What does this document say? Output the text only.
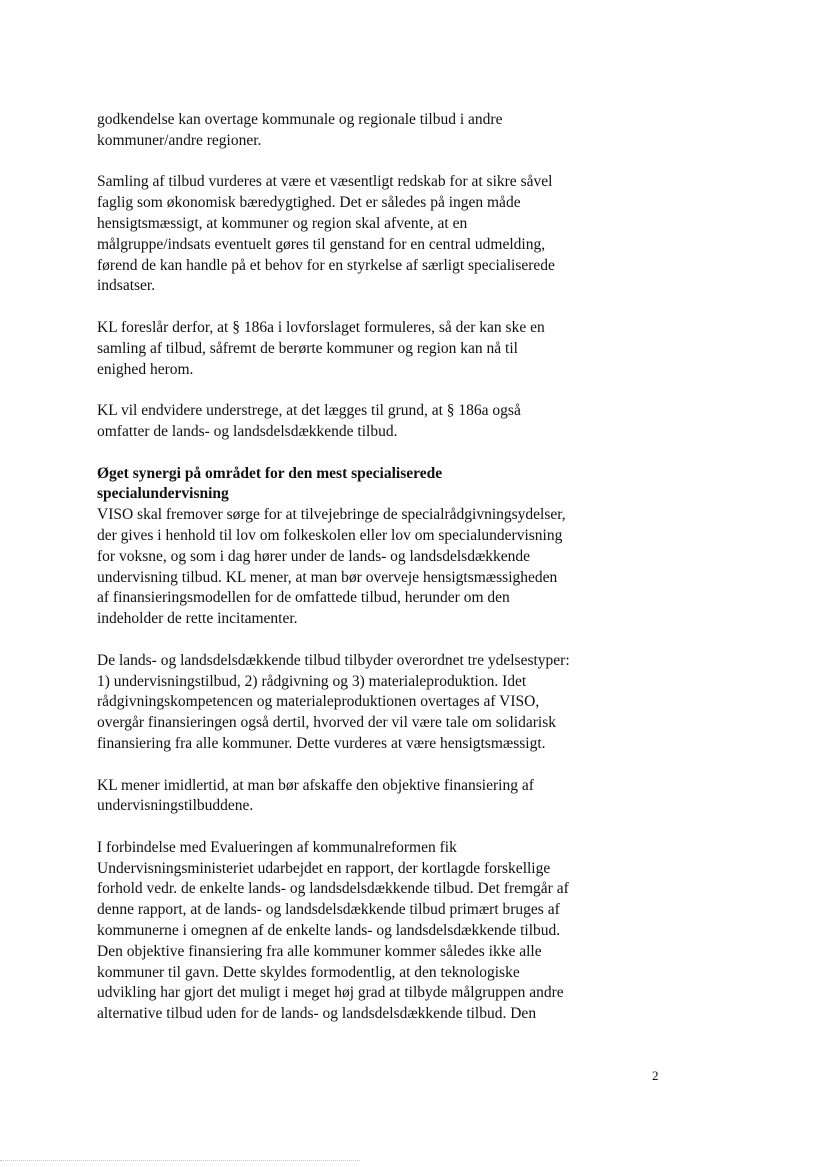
godkendelse kan overtage kommunale og regionale tilbud i andre
kommuner/andre regioner.
Samling af tilbud vurderes at være et væsentligt redskab for at sikre såvel
faglig som økonomisk bæredygtighed. Det er således på ingen måde
hensigtsmæssigt, at kommuner og region skal afvente, at en
målgruppe/indsats eventuelt gøres til genstand for en central udmelding,
førend de kan handle på et behov for en styrkelse af særligt specialiserede
indsatser.
KL foreslår derfor, at § 186a i lovforslaget formuleres, så der kan ske en
samling af tilbud, såfremt de berørte kommuner og region kan nå til
enighed herom.
KL vil endvidere understrege, at det lægges til grund, at § 186a også
omfatter de lands- og landsdelsdækkende tilbud.
Øget synergi på området for den mest specialiserede
specialundervisning
VISO skal fremover sørge for at tilvejebringe de specialrådgivningsydelser,
der gives i henhold til lov om folkeskolen eller lov om specialundervisning
for voksne, og som i dag hører under de lands- og landsdelsdækkende
undervisning tilbud. KL mener, at man bør overveje hensigtsmæssigheden
af finansieringsmodellen for de omfattede tilbud, herunder om den
indeholder de rette incitamenter.
De lands- og landsdelsdækkende tilbud tilbyder overordnet tre ydelsestyper:
1) undervisningstilbud, 2) rådgivning og 3) materialeproduktion. Idet
rådgivningskompetencen og materialeproduktionen overtages af VISO,
overgår finansieringen også dertil, hvorved der vil være tale om solidarisk
finansiering fra alle kommuner. Dette vurderes at være hensigtsmæssigt.
KL mener imidlertid, at man bør afskaffe den objektive finansiering af
undervisningstilbuddene.
I forbindelse med Evalueringen af kommunalreformen fik
Undervisningsministeriet udarbejdet en rapport, der kortlagde forskellige
forhold vedr. de enkelte lands- og landsdelsdækkende tilbud. Det fremgår af
denne rapport, at de lands- og landsdelsdækkende tilbud primært bruges af
kommunerne i omegnen af de enkelte lands- og landsdelsdækkende tilbud.
Den objektive finansiering fra alle kommuner kommer således ikke alle
kommuner til gavn. Dette skyldes formodentlig, at den teknologiske
udvikling har gjort det muligt i meget høj grad at tilbyde målgruppen andre
alternative tilbud uden for de lands- og landsdelsdækkende tilbud. Den
2
